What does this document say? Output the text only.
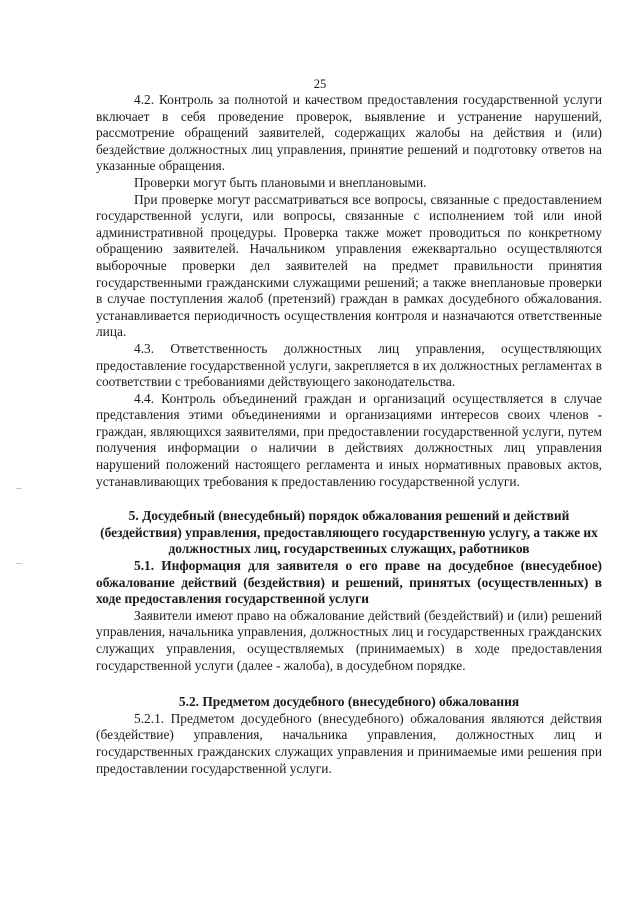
25

4.2. Контроль за полнотой и качеством предоставления государственной услуги включает в себя проведение проверок, выявление и устранение нарушений, рассмотрение обращений заявителей, содержащих жалобы на действия и (или) бездействие должностных лиц управления, принятие решений и подготовку ответов на указанные обращения.

Проверки могут быть плановыми и внеплановыми.

При проверке могут рассматриваться все вопросы, связанные с предоставлением государственной услуги, или вопросы, связанные с исполнением той или иной административной процедуры. Проверка также может проводиться по конкретному обращению заявителей. Начальником управления ежеквартально осуществляются выборочные проверки дел заявителей на предмет правильности принятия государственными гражданскими служащими решений; а также внеплановые проверки в случае поступления жалоб (претензий) граждан в рамках досудебного обжалования. устанавливается периодичность осуществления контроля и назначаются ответственные лица.

4.3. Ответственность должностных лиц управления, осуществляющих предоставление государственной услуги, закрепляется в их должностных регламентах в соответствии с требованиями действующего законодательства.

4.4. Контроль объединений граждан и организаций осуществляется в случае представления этими объединениями и организациями интересов своих членов - граждан, являющихся заявителями, при предоставлении государственной услуги, путем получения информации о наличии в действиях должностных лиц управления нарушений положений настоящего регламента и иных нормативных правовых актов, устанавливающих требования к предоставлению государственной услуги.

5. Досудебный (внесудебный) порядок обжалования решений и действий (бездействия) управления, предоставляющего государственную услугу, а также их должностных лиц, государственных служащих, работников
5.1. Информация для заявителя о его праве на досудебное (внесудебное) обжалование действий (бездействия) и решений, принятых (осуществленных) в ходе предоставления государственной услуги

Заявители имеют право на обжалование действий (бездействий) и (или) решений управления, начальника управления, должностных лиц и государственных гражданских служащих управления, осуществляемых (принимаемых) в ходе предоставления государственной услуги (далее - жалоба), в досудебном порядке.

5.2. Предметом досудебного (внесудебного) обжалования

5.2.1. Предметом досудебного (внесудебного) обжалования являются действия (бездействие) управления, начальника управления, должностных лиц и государственных гражданских служащих управления и принимаемые ими решения при предоставлении государственной услуги.
